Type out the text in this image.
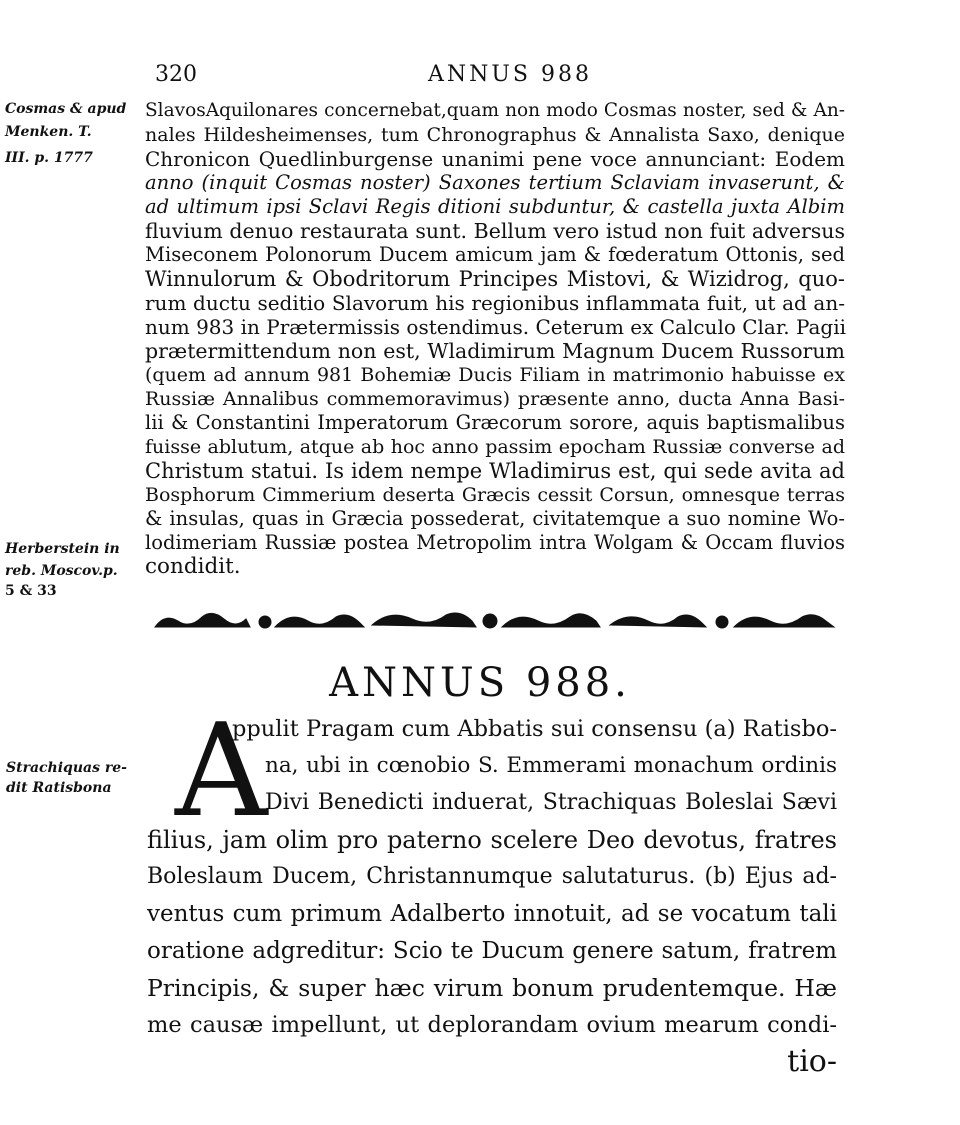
320	ANNUS 988
Cosmas & apud
Menken. T.
III. p. 1777
Herberstein in
reb. Moscov.p.
5 & 33
SlavosAquilonares concernebat,quam non modo Cosmas noster, sed & An-
nales Hildesheimenses, tum Chronographus & Annalista Saxo, denique
Chronicon Quedlinburgense unanimi pene voce annunciant: Eodem
anno (inquit Cosmas noster) Saxones tertium Sclaviam invaserunt, &
ad ultimum ipsi Sclavi Regis ditioni subduntur, & castella juxta Albim
fluvium denuo restaurata sunt. Bellum vero istud non fuit adversus
Miseconem Polonorum Ducem amicum jam & fœderatum Ottonis, sed
Winnulorum & Obodritorum Principes Mistovi, & Wizidrog, quo-
rum ductu seditio Slavorum his regionibus inflammata fuit, ut ad an-
num 983 in Prætermissis ostendimus. Ceterum ex Calculo Clar. Pagii
prætermittendum non est, Wladimirum Magnum Ducem Russorum
(quem ad annum 981 Bohemiæ Ducis Filiam in matrimonio habuisse ex
Russiæ Annalibus commemoravimus) præsente anno, ducta Anna Basi-
lii & Constantini Imperatorum Græcorum sorore, aquis baptismalibus
fuisse ablutum, atque ab hoc anno passim epocham Russiæ converse ad
Christum statui. Is idem nempe Wladimirus est, qui sede avita ad
Bosphorum Cimmerium deserta Græcis cessit Corsun, omnesque terras
& insulas, quas in Græcia possederat, civitatemque a suo nomine Wo-
lodimeriam Russiæ postea Metropolim intra Wolgam & Occam fluvios
condidit.
ANNUS 988.
Strachiquas re-
dit Ratisbona A
ppulit Pragam cum Abbatis sui consensu (a) Ratisbo-
na, ubi in cœnobio S. Emmerami monachum ordinis
Divi Benedicti induerat, Strachiquas Boleslai Sævi
filius, jam olim pro paterno scelere Deo devotus, fratres
Boleslaum Ducem, Christannumque salutaturus. (b) Ejus ad-
ventus cum primum Adalberto innotuit, ad se vocatum tali
oratione adgreditur: Scio te Ducum genere satum, fratrem
Principis, & super hæc virum bonum prudentemque. Hæ
me causæ impellunt, ut deplorandam ovium mearum condi-
tio-
